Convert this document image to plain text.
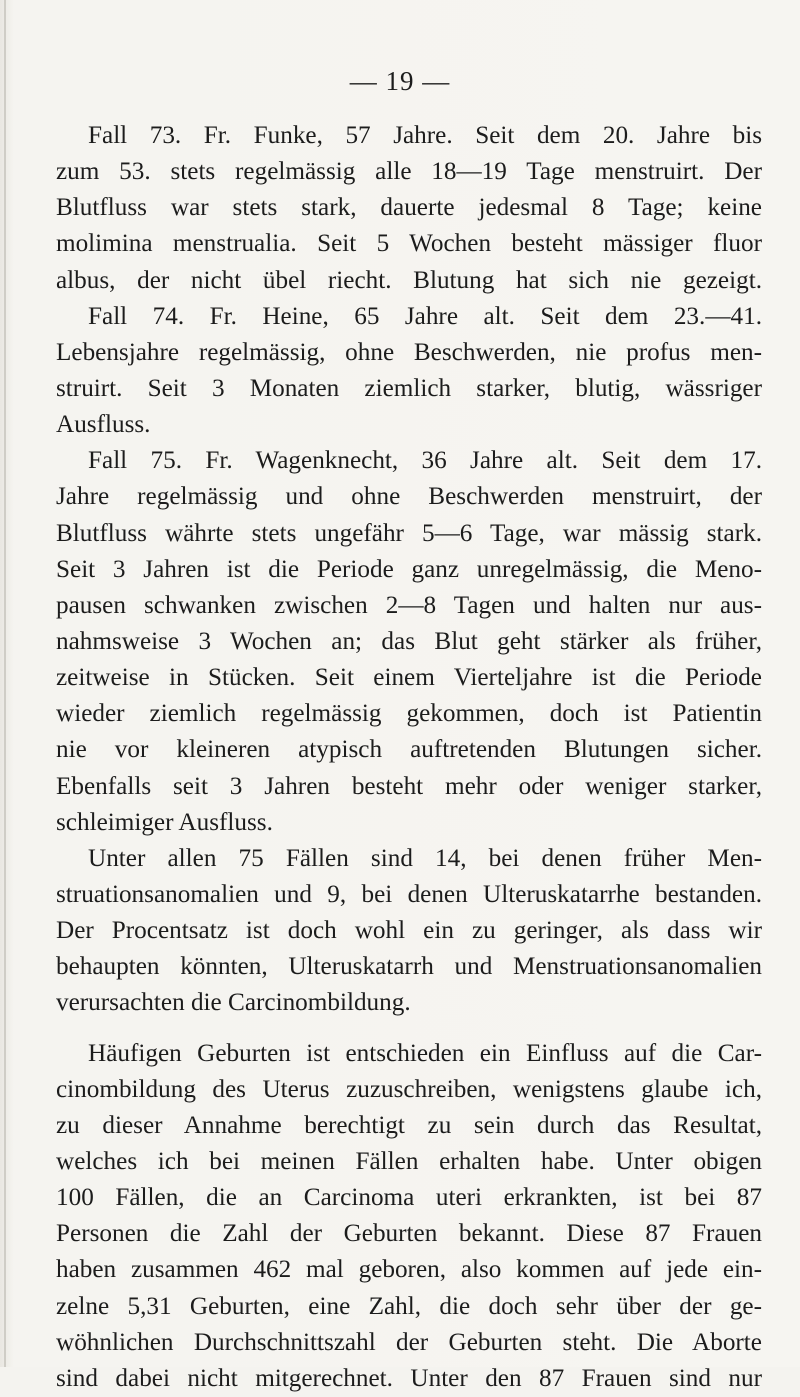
— 19 —
Fall 73. Fr. Funke, 57 Jahre. Seit dem 20. Jahre bis
zum 53. stets regelmässig alle 18—19 Tage menstruirt. Der
Blutfluss war stets stark, dauerte jedesmal 8 Tage; keine
molimina menstrualia. Seit 5 Wochen besteht mässiger fluor
albus, der nicht übel riecht. Blutung hat sich nie gezeigt.
Fall 74. Fr. Heine, 65 Jahre alt. Seit dem 23.—41.
Lebensjahre regelmässig, ohne Beschwerden, nie profus men-
struirt. Seit 3 Monaten ziemlich starker, blutig, wässriger
Ausfluss.
Fall 75. Fr. Wagenknecht, 36 Jahre alt. Seit dem 17.
Jahre regelmässig und ohne Beschwerden menstruirt, der
Blutfluss währte stets ungefähr 5—6 Tage, war mässig stark.
Seit 3 Jahren ist die Periode ganz unregelmässig, die Meno-
pausen schwanken zwischen 2—8 Tagen und halten nur aus-
nahmsweise 3 Wochen an; das Blut geht stärker als früher,
zeitweise in Stücken. Seit einem Vierteljahre ist die Periode
wieder ziemlich regelmässig gekommen, doch ist Patientin
nie vor kleineren atypisch auftretenden Blutungen sicher.
Ebenfalls seit 3 Jahren besteht mehr oder weniger starker,
schleimiger Ausfluss.
Unter allen 75 Fällen sind 14, bei denen früher Men-
struationsanomalien und 9, bei denen Ulteruskatarrhe bestanden.
Der Procentsatz ist doch wohl ein zu geringer, als dass wir
behaupten könnten, Ulteruskatarrh und Menstruationsanomalien
verursachten die Carcinombildung.
Häufigen Geburten ist entschieden ein Einfluss auf die Car-
cinombildung des Uterus zuzuschreiben, wenigstens glaube ich,
zu dieser Annahme berechtigt zu sein durch das Resultat,
welches ich bei meinen Fällen erhalten habe. Unter obigen
100 Fällen, die an Carcinoma uteri erkrankten, ist bei 87
Personen die Zahl der Geburten bekannt. Diese 87 Frauen
haben zusammen 462 mal geboren, also kommen auf jede ein-
zelne 5,31 Geburten, eine Zahl, die doch sehr über der ge-
wöhnlichen Durchschnittszahl der Geburten steht. Die Aborte
sind dabei nicht mitgerechnet. Unter den 87 Frauen sind nur
